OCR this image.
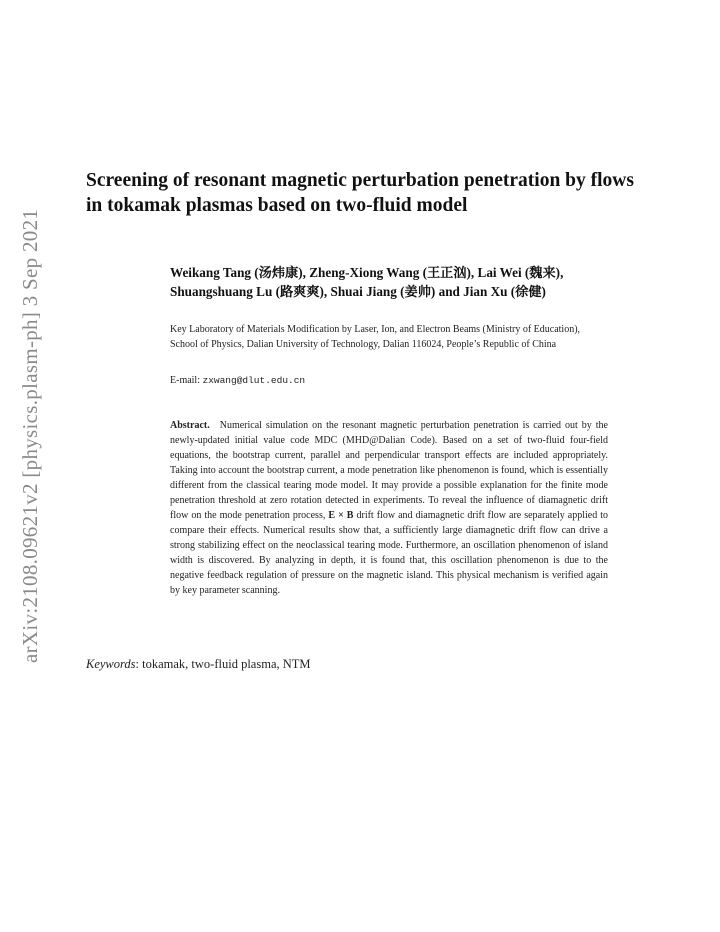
arXiv:2108.09621v2 [physics.plasm-ph] 3 Sep 2021
Screening of resonant magnetic perturbation penetration by flows in tokamak plasmas based on two-fluid model
Weikang Tang (汤炜康), Zheng-Xiong Wang (王正汹), Lai Wei (魏来), Shuangshuang Lu (路爽爽), Shuai Jiang (姜帅) and Jian Xu (徐健)
Key Laboratory of Materials Modification by Laser, Ion, and Electron Beams (Ministry of Education), School of Physics, Dalian University of Technology, Dalian 116024, People’s Republic of China
E-mail: zxwang@dlut.edu.cn
Abstract. Numerical simulation on the resonant magnetic perturbation penetration is carried out by the newly-updated initial value code MDC (MHD@Dalian Code). Based on a set of two-fluid four-field equations, the bootstrap current, parallel and perpendicular transport effects are included appropriately. Taking into account the bootstrap current, a mode penetration like phenomenon is found, which is essentially different from the classical tearing mode model. It may provide a possible explanation for the finite mode penetration threshold at zero rotation detected in experiments. To reveal the influence of diamagnetic drift flow on the mode penetration process, E × B drift flow and diamagnetic drift flow are separately applied to compare their effects. Numerical results show that, a sufficiently large diamagnetic drift flow can drive a strong stabilizing effect on the neoclassical tearing mode. Furthermore, an oscillation phenomenon of island width is discovered. By analyzing in depth, it is found that, this oscillation phenomenon is due to the negative feedback regulation of pressure on the magnetic island. This physical mechanism is verified again by key parameter scanning.
Keywords: tokamak, two-fluid plasma, NTM
